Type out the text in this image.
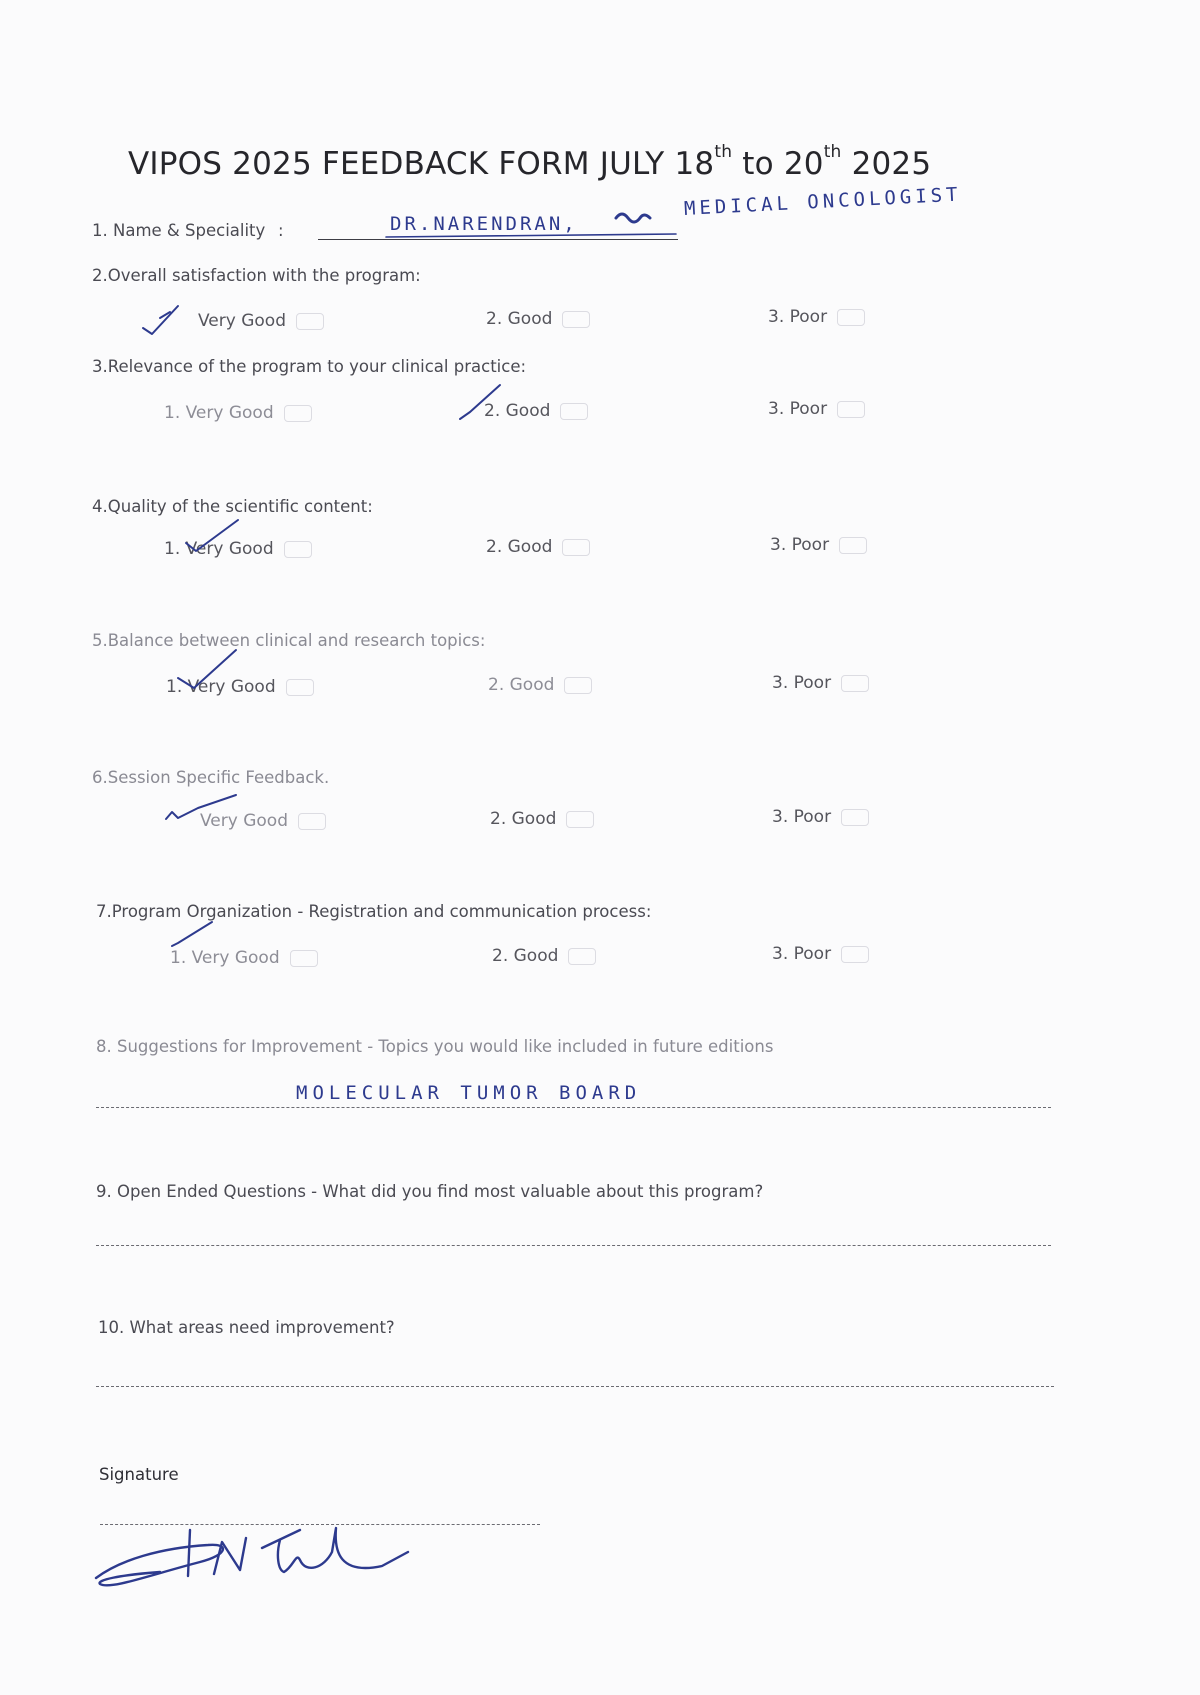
VIPOS 2025 FEEDBACK FORM JULY 18th to 20th 2025
1. Name & Speciality :	DR.NARENDRAN,
MEDICAL ONCOLOGIST
2.Overall satisfaction with the program:
Very Good	2. Good	3. Poor
3.Relevance of the program to your clinical practice:
1. Very Good	2. Good	3. Poor
4.Quality of the scientific content:
1. Very Good	2. Good	3. Poor
5.Balance between clinical and research topics:
1. Very Good	2. Good	3. Poor
6.Session Specific Feedback.
Very Good	2. Good	3. Poor
7.Program Organization - Registration and communication process:
1. Very Good	2. Good	3. Poor
8. Suggestions for Improvement - Topics you would like included in future editions
MOLECULAR TUMOR BOARD
9. Open Ended Questions - What did you find most valuable about this program?
10. What areas need improvement?
Signature
